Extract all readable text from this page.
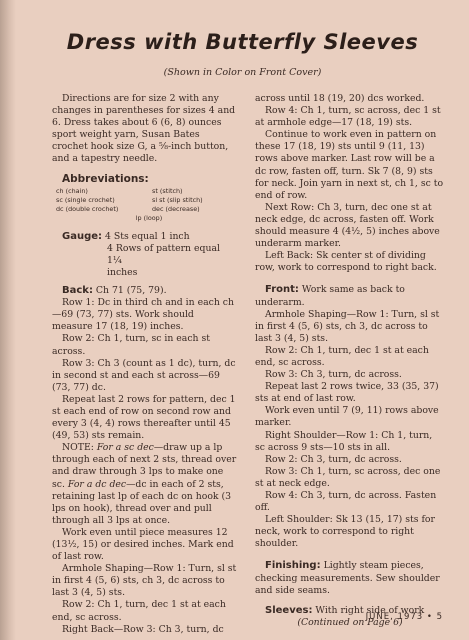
Dress with Butterfly Sleeves
(Shown in Color on Front Cover)

Directions are for size 2 with any changes in parentheses for sizes 4 and 6. Dress takes about 6 (6, 8) ounces sport weight yarn, Susan Bates crochet hook size G, a ⅝-inch button, and a tapestry needle.

Abbreviations:
ch (chain)	st (stitch)
sc (single crochet)	sl st (slip stitch)
dc (double crochet)	dec (decrease)
lp (loop)

Gauge: 4 Sts equal 1 inch

4 Rows of pattern equal 1¼

inches

Back: Ch 71 (75, 79).

Row 1: Dc in third ch and in each ch —69 (73, 77) sts. Work should measure 17 (18, 19) inches.

Row 2: Ch 1, turn, sc in each st across.

Row 3: Ch 3 (count as 1 dc), turn, dc in second st and each st across—69 (73, 77) dc.

Repeat last 2 rows for pattern, dec 1 st each end of row on second row and every 3 (4, 4) rows thereafter until 45 (49, 53) sts remain.

NOTE: For a sc dec—draw up a lp through each of next 2 sts, thread over and draw through 3 lps to make one sc. For a dc dec—dc in each of 2 sts, retaining last lp of each dc on hook (3 lps on hook), thread over and pull through all 3 lps at once.

Work even until piece measures 12 (13½, 15) or desired inches. Mark end of last row.

Armhole Shaping—Row 1: Turn, sl st in first 4 (5, 6) sts, ch 3, dc across to last 3 (4, 5) sts.

Row 2: Ch 1, turn, dec 1 st at each end, sc across.

Right Back—Row 3: Ch 3, turn, dc

across until 18 (19, 20) dcs worked.

Row 4: Ch 1, turn, sc across, dec 1 st at armhole edge—17 (18, 19) sts.

Continue to work even in pattern on these 17 (18, 19) sts until 9 (11, 13) rows above marker. Last row will be a dc row, fasten off, turn. Sk 7 (8, 9) sts for neck. Join yarn in next st, ch 1, sc to end of row.

Next Row: Ch 3, turn, dec one st at neck edge, dc across, fasten off. Work should measure 4 (4½, 5) inches above underarm marker.

Left Back: Sk center st of dividing row, work to correspond to right back.

Front: Work same as back to underarm.

Armhole Shaping—Row 1: Turn, sl st in first 4 (5, 6) sts, ch 3, dc across to last 3 (4, 5) sts.

Row 2: Ch 1, turn, dec 1 st at each end, sc across.

Row 3: Ch 3, turn, dc across.

Repeat last 2 rows twice, 33 (35, 37) sts at end of last row.

Work even until 7 (9, 11) rows above marker.

Right Shoulder—Row 1: Ch 1, turn, sc across 9 sts—10 sts in all.

Row 2: Ch 3, turn, dc across.

Row 3: Ch 1, turn, sc across, dec one st at neck edge.

Row 4: Ch 3, turn, dc across. Fasten off.

Left Shoulder: Sk 13 (15, 17) sts for neck, work to correspond to right shoulder.

Finishing: Lightly steam pieces, checking measurements. Sew shoulder and side seams.

Sleeves: With right side of work

(Continued on Page 6)

JUNE, 1973 • 5
